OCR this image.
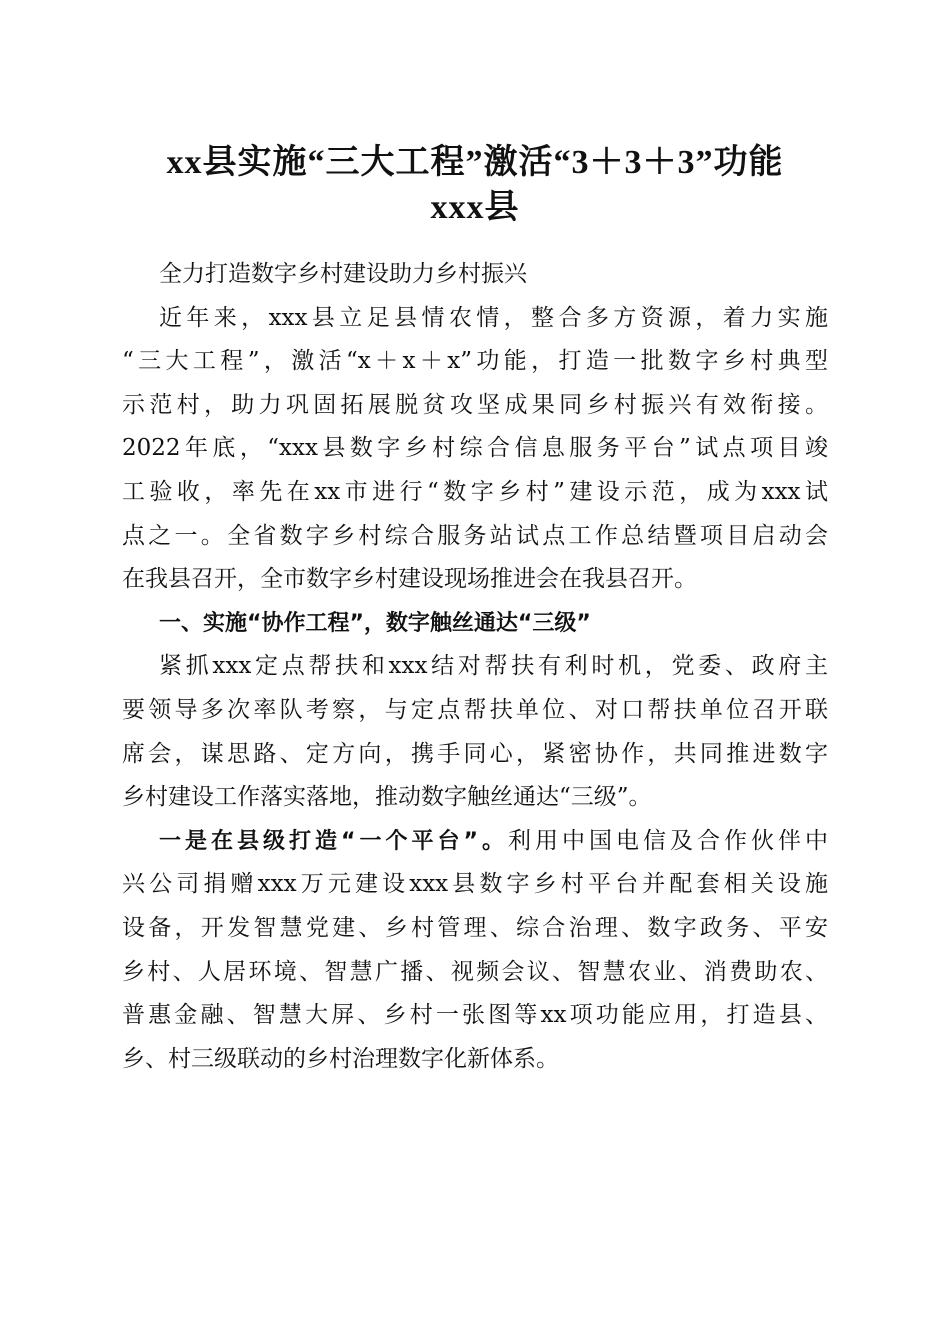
xx县实施“三大工程”激活“3＋3＋3”功能
xxx县
全力打造数字乡村建设助力乡村振兴
近年来，xxx县立足县情农情，整合多方资源，着力实施
“三大工程”，激活“x＋x＋x”功能，打造一批数字乡村典型
示范村，助力巩固拓展脱贫攻坚成果同乡村振兴有效衔接。
2022年底，“xxx县数字乡村综合信息服务平台”试点项目竣
工验收，率先在xx市进行“数字乡村”建设示范，成为xxx试
点之一。全省数字乡村综合服务站试点工作总结暨项目启动会
在我县召开，全市数字乡村建设现场推进会在我县召开。
一、实施“协作工程”，数字触丝通达“三级”
紧抓xxx定点帮扶和xxx结对帮扶有利时机，党委、政府主
要领导多次率队考察，与定点帮扶单位、对口帮扶单位召开联
席会，谋思路、定方向，携手同心，紧密协作，共同推进数字
乡村建设工作落实落地，推动数字触丝通达“三级”。
一是在县级打造“一个平台”。利用中国电信及合作伙伴中
兴公司捐赠xxx万元建设xxx县数字乡村平台并配套相关设施
设备，开发智慧党建、乡村管理、综合治理、数字政务、平安
乡村、人居环境、智慧广播、视频会议、智慧农业、消费助农、
普惠金融、智慧大屏、乡村一张图等xx项功能应用，打造县、
乡、村三级联动的乡村治理数字化新体系。
